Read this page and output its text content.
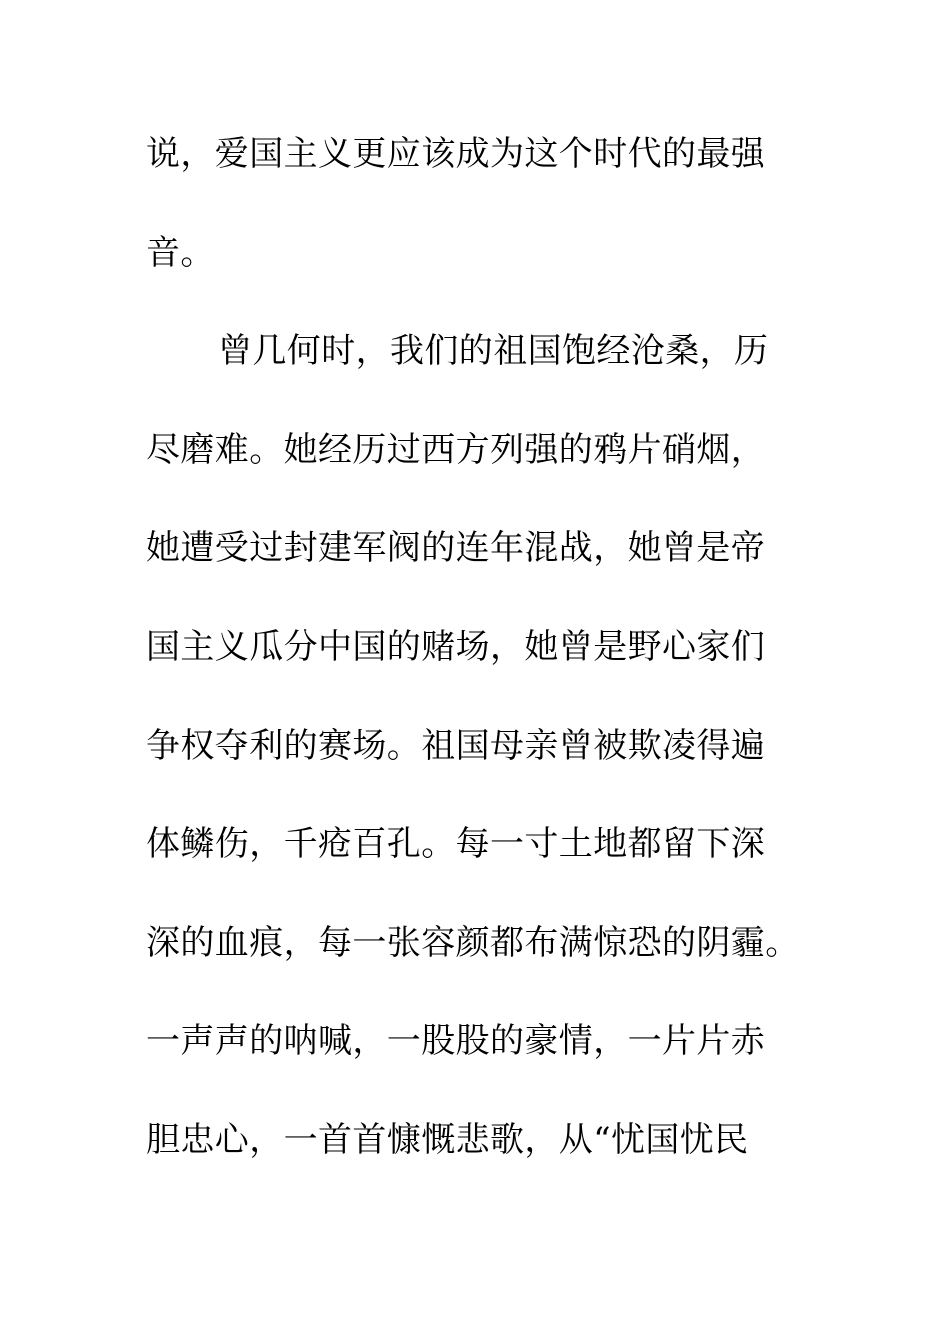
说，爱国主义更应该成为这个时代的最强
音。
曾几何时，我们的祖国饱经沧桑，历
尽磨难。她经历过西方列强的鸦片硝烟，
她遭受过封建军阀的连年混战，她曾是帝
国主义瓜分中国的赌场，她曾是野心家们
争权夺利的赛场。祖国母亲曾被欺凌得遍
体鳞伤，千疮百孔。每一寸土地都留下深
深的血痕，每一张容颜都布满惊恐的阴霾。
一声声的呐喊，一股股的豪情，一片片赤
胆忠心，一首首慷慨悲歌，从“忧国忧民
